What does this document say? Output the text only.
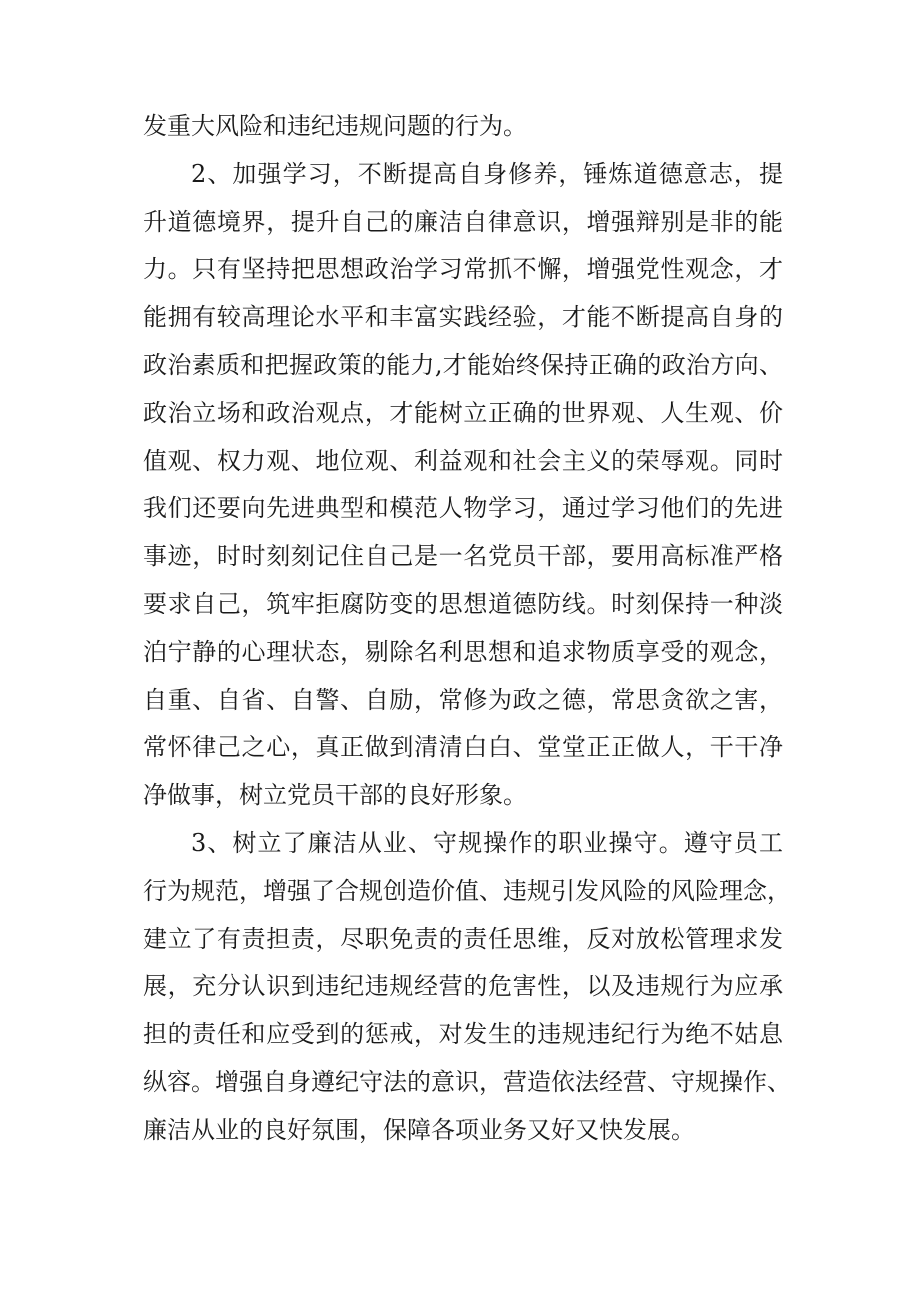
发重大风险和违纪违规问题的行为。
2、加强学习，不断提高自身修养，锤炼道德意志，提
升道德境界，提升自己的廉洁自律意识，增强辩别是非的能
力。只有坚持把思想政治学习常抓不懈，增强党性观念，才
能拥有较高理论水平和丰富实践经验，才能不断提高自身的
政治素质和把握政策的能力,才能始终保持正确的政治方向、
政治立场和政治观点，才能树立正确的世界观、人生观、价
值观、权力观、地位观、利益观和社会主义的荣辱观。同时
我们还要向先进典型和模范人物学习，通过学习他们的先进
事迹，时时刻刻记住自己是一名党员干部，要用高标准严格
要求自己，筑牢拒腐防变的思想道德防线。时刻保持一种淡
泊宁静的心理状态，剔除名利思想和追求物质享受的观念，
自重、自省、自警、自励，常修为政之德，常思贪欲之害，
常怀律己之心，真正做到清清白白、堂堂正正做人，干干净
净做事，树立党员干部的良好形象。
3、树立了廉洁从业、守规操作的职业操守。遵守员工
行为规范，增强了合规创造价值、违规引发风险的风险理念，
建立了有责担责，尽职免责的责任思维，反对放松管理求发
展，充分认识到违纪违规经营的危害性，以及违规行为应承
担的责任和应受到的惩戒，对发生的违规违纪行为绝不姑息
纵容。增强自身遵纪守法的意识，营造依法经营、守规操作、
廉洁从业的良好氛围，保障各项业务又好又快发展。
